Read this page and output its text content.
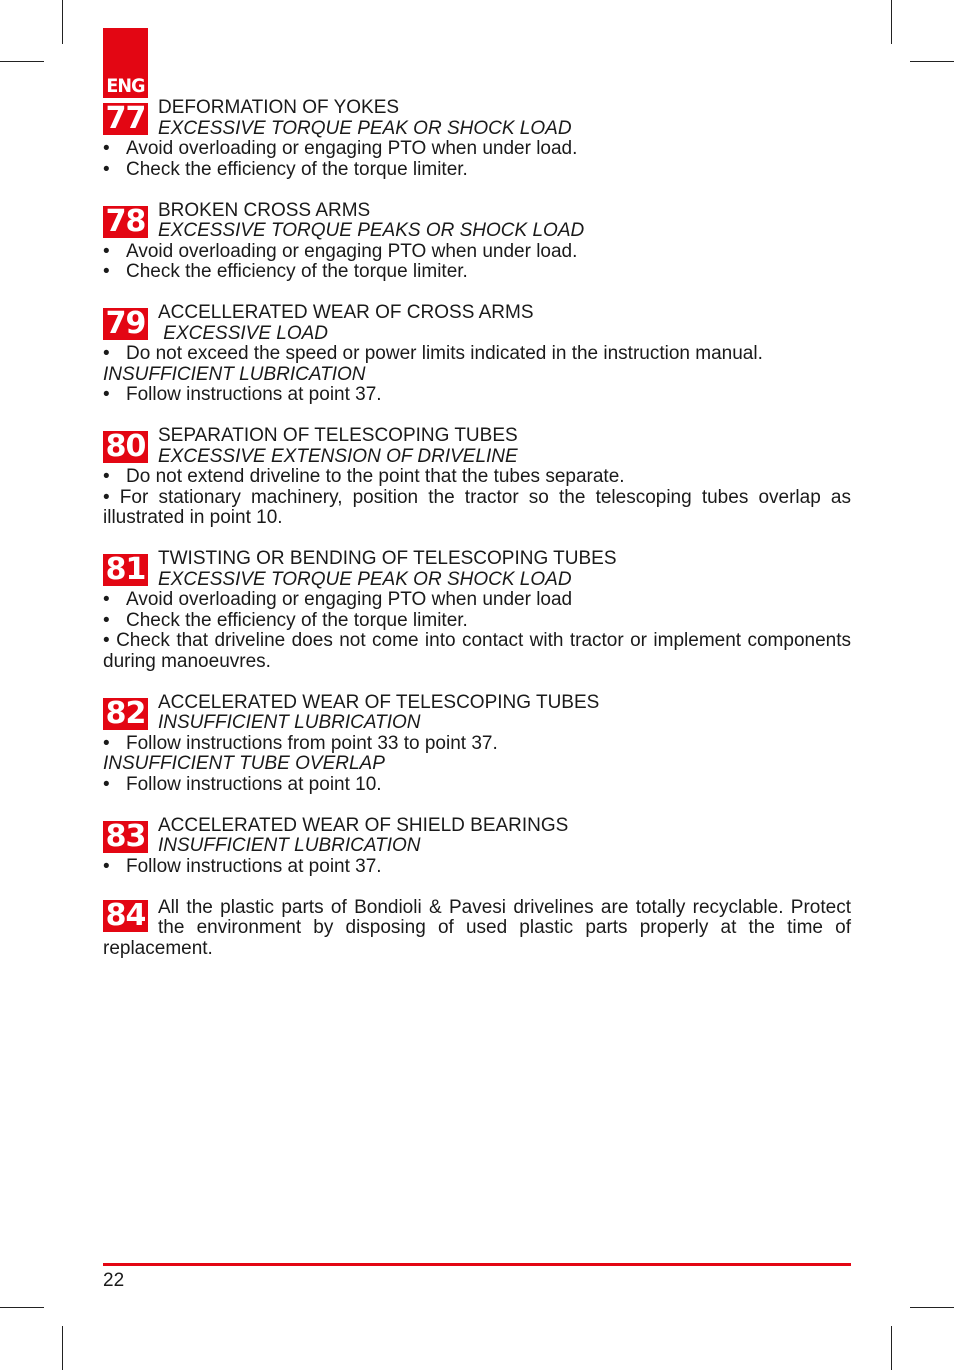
ENG
77 DEFORMATION OF YOKES
EXCESSIVE TORQUE PEAK OR SHOCK LOAD
• Avoid overloading or engaging PTO when under load.
• Check the efficiency of the torque limiter.
78 BROKEN CROSS ARMS
EXCESSIVE TORQUE PEAKS OR SHOCK LOAD
• Avoid overloading or engaging PTO when under load.
• Check the efficiency of the torque limiter.
79 ACCELLERATED WEAR OF CROSS ARMS
EXCESSIVE LOAD
• Do not exceed the speed or power limits indicated in the instruction manual.
INSUFFICIENT LUBRICATION
• Follow instructions at point 37.
80 SEPARATION OF TELESCOPING TUBES
EXCESSIVE EXTENSION OF DRIVELINE
• Do not extend driveline to the point that the tubes separate.
• For stationary machinery, position the tractor so the telescoping tubes overlap as illustrated in point 10.
81 TWISTING OR BENDING OF TELESCOPING TUBES
EXCESSIVE TORQUE PEAK OR SHOCK LOAD
• Avoid overloading or engaging PTO when under load
• Check the efficiency of the torque limiter.
• Check that driveline does not come into contact with tractor or implement components during manoeuvres.
82 ACCELERATED WEAR OF TELESCOPING TUBES
INSUFFICIENT LUBRICATION
• Follow instructions from point 33 to point 37.
INSUFFICIENT TUBE OVERLAP
• Follow instructions at point 10.
83 ACCELERATED WEAR OF SHIELD BEARINGS
INSUFFICIENT LUBRICATION
• Follow instructions at point 37.
84 All the plastic parts of Bondioli & Pavesi drivelines are totally recyclable. Protect the environment by disposing of used plastic parts properly at the time of replacement.
22
